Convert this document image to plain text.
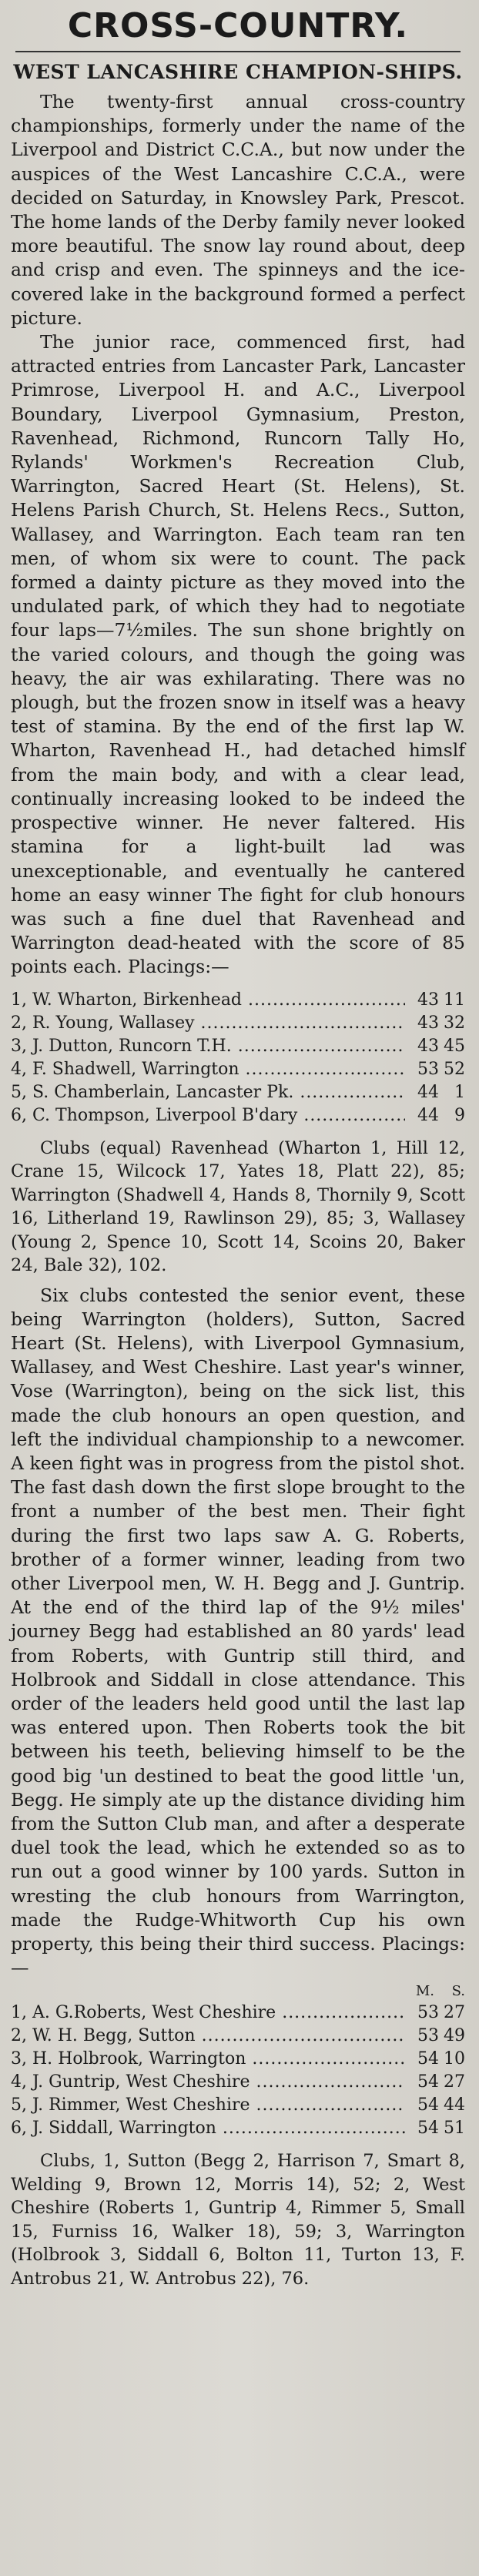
CROSS-COUNTRY.
WEST LANCASHIRE CHAMPION-SHIPS.

The twenty-first annual cross-country championships, formerly under the name of the Liverpool and District C.C.A., but now under the auspices of the West Lancashire C.C.A., were decided on Saturday, in Knowsley Park, Prescot. The home lands of the Derby family never looked more beautiful. The snow lay round about, deep and crisp and even. The spinneys and the ice-covered lake in the background formed a perfect picture.

The junior race, commenced first, had attracted entries from Lancaster Park, Lancaster Primrose, Liverpool H. and A.C., Liverpool Boundary, Liverpool Gymnasium, Preston, Ravenhead, Richmond, Runcorn Tally Ho, Rylands' Workmen's Recreation Club, Warrington, Sacred Heart (St. Helens), St. Helens Parish Church, St. Helens Recs., Sutton, Wallasey, and Warrington. Each team ran ten men, of whom six were to count. The pack formed a dainty picture as they moved into the undulated park, of which they had to negotiate four laps—7½miles. The sun shone brightly on the varied colours, and though the going was heavy, the air was exhilarating. There was no plough, but the frozen snow in itself was a heavy test of stamina. By the end of the first lap W. Wharton, Ravenhead H., had detached himslf from the main body, and with a clear lead, continually increasing looked to be indeed the prospective winner. He never faltered. His stamina for a light-built lad was unexceptionable, and eventually he cantered home an easy winner The fight for club honours was such a fine duel that Ravenhead and Warrington dead-heated with the score of 85 points each. Placings:—

1, W. Wharton, Birkenhead .....	43 11
2, R. Young, Wallasey .....	43 32
3, J. Dutton, Runcorn T.H. .....	43 45
4, F. Shadwell, Warrington .....	53 52
5, S. Chamberlain, Lancaster Pk. .....	44 1
6, C. Thompson, Liverpool B'dary .....	44 9

Clubs (equal) Ravenhead (Wharton 1, Hill 12, Crane 15, Wilcock 17, Yates 18, Platt 22), 85; Warrington (Shadwell 4, Hands 8, Thornily 9, Scott 16, Litherland 19, Rawlinson 29), 85; 3, Wallasey (Young 2, Spence 10, Scott 14, Scoins 20, Baker 24, Bale 32), 102.

Six clubs contested the senior event, these being Warrington (holders), Sutton, Sacred Heart (St. Helens), with Liverpool Gymnasium, Wallasey, and West Cheshire. Last year's winner, Vose (Warrington), being on the sick list, this made the club honours an open question, and left the individual championship to a newcomer. A keen fight was in progress from the pistol shot. The fast dash down the first slope brought to the front a number of the best men. Their fight during the first two laps saw A. G. Roberts, brother of a former winner, leading from two other Liverpool men, W. H. Begg and J. Guntrip. At the end of the third lap of the 9½ miles' journey Begg had established an 80 yards' lead from Roberts, with Guntrip still third, and Holbrook and Siddall in close attendance. This order of the leaders held good until the last lap was entered upon. Then Roberts took the bit between his teeth, believing himself to be the good big 'un destined to beat the good little 'un, Begg. He simply ate up the distance dividing him from the Sutton Club man, and after a desperate duel took the lead, which he extended so as to run out a good winner by 100 yards. Sutton in wresting the club honours from Warrington, made the Rudge-Whitworth Cup his own property, this being their third success. Placings:—

M.	S.
1, A. G.Roberts, West Cheshire .....	53 27
2, W. H. Begg, Sutton .....	53 49
3, H. Holbrook, Warrington .....	54 10
4, J. Guntrip, West Cheshire .....	54 27
5, J. Rimmer, West Cheshire .....	54 44
6, J. Siddall, Warrington .....	54 51

Clubs, 1, Sutton (Begg 2, Harrison 7, Smart 8, Welding 9, Brown 12, Morris 14), 52; 2, West Cheshire (Roberts 1, Guntrip 4, Rimmer 5, Small 15, Furniss 16, Walker 18), 59; 3, Warrington (Holbrook 3, Siddall 6, Bolton 11, Turton 13, F. Antrobus 21, W. Antrobus 22), 76.
